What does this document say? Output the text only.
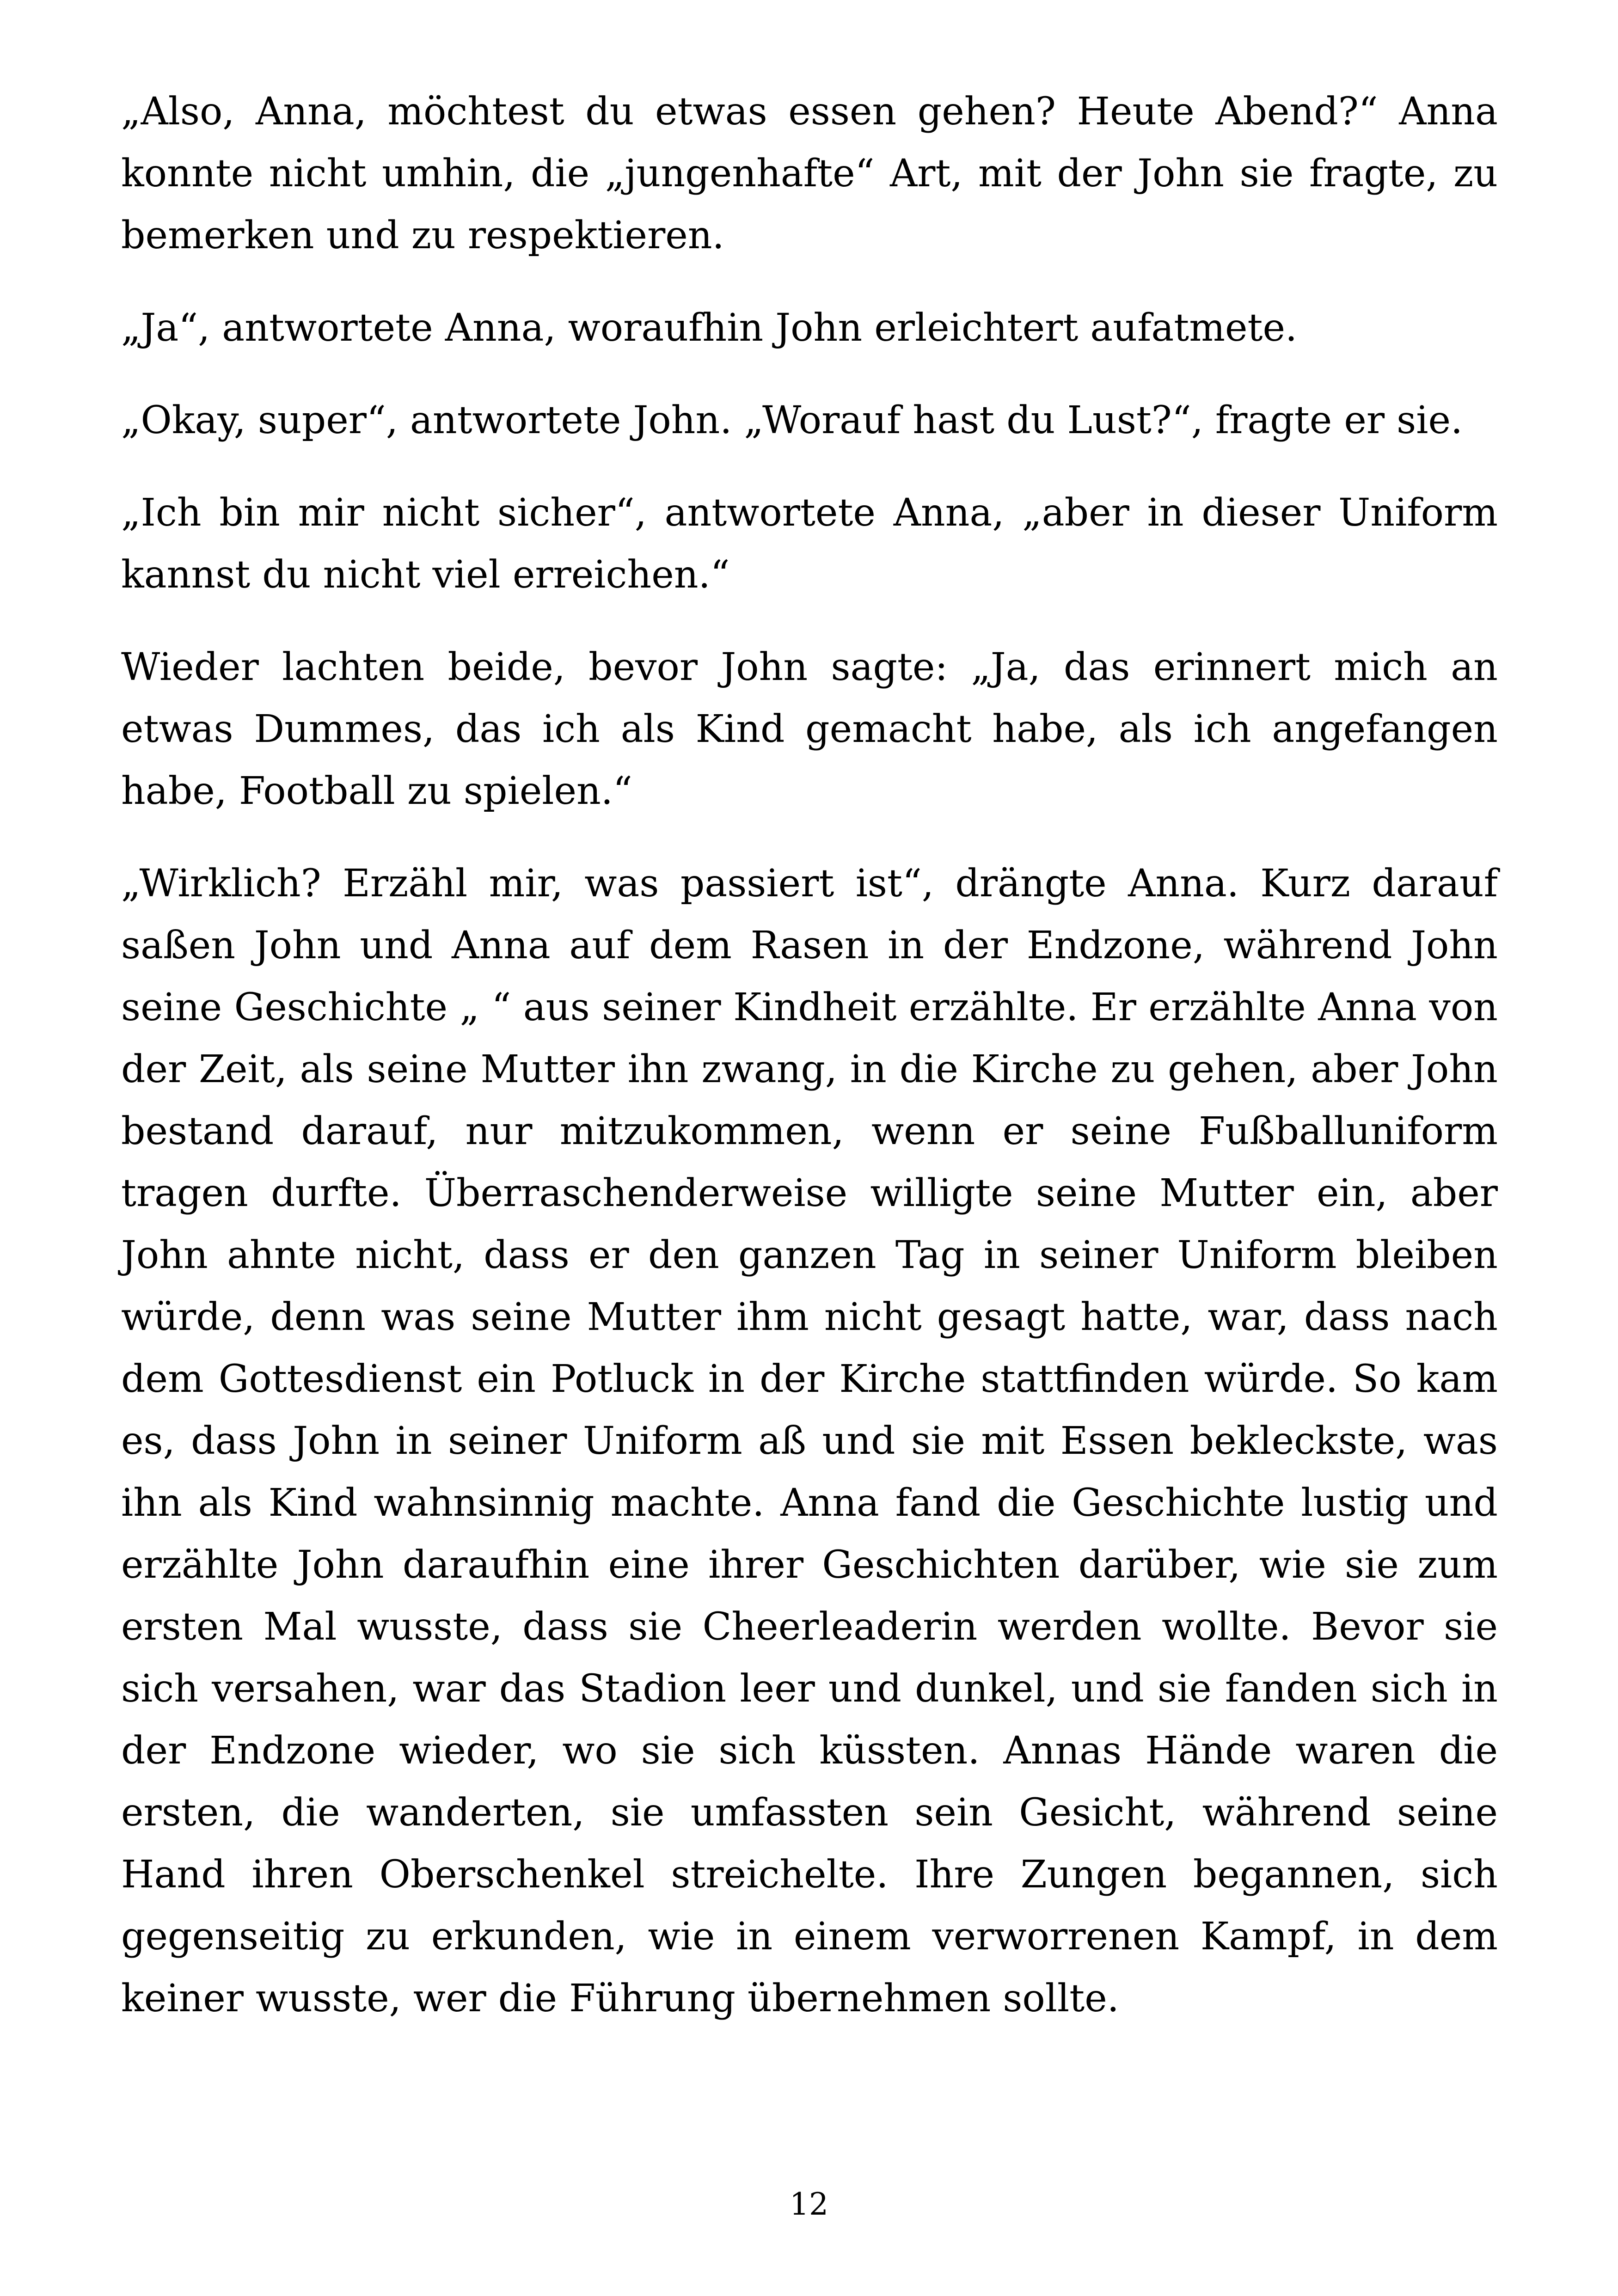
„Also, Anna, möchtest du etwas essen gehen? Heute Abend?“ Anna konnte nicht umhin, die „jungenhafte“ Art, mit der John sie fragte, zu bemerken und zu respektieren.

„Ja“, antwortete Anna, woraufhin John erleichtert aufatmete.

„Okay, super“, antwortete John. „Worauf hast du Lust?“, fragte er sie.

„Ich bin mir nicht sicher“, antwortete Anna, „aber in dieser Uniform kannst du nicht viel erreichen.“

Wieder lachten beide, bevor John sagte: „Ja, das erinnert mich an etwas Dummes, das ich als Kind gemacht habe, als ich angefangen habe, Football zu spielen.“

„Wirklich? Erzähl mir, was passiert ist“, drängte Anna. Kurz darauf saßen John und Anna auf dem Rasen in der Endzone, während John seine Geschichte „ “ aus seiner Kindheit erzählte. Er erzählte Anna von der Zeit, als seine Mutter ihn zwang, in die Kirche zu gehen, aber John bestand darauf, nur mitzukommen, wenn er seine Fußballuniform tragen durfte. Überraschenderweise willigte seine Mutter ein, aber John ahnte nicht, dass er den ganzen Tag in seiner Uniform bleiben würde, denn was seine Mutter ihm nicht gesagt hatte, war, dass nach dem Gottesdienst ein Potluck in der Kirche stattfinden würde. So kam es, dass John in seiner Uniform aß und sie mit Essen bekleckste, was ihn als Kind wahnsinnig machte. Anna fand die Geschichte lustig und erzählte John daraufhin eine ihrer Geschichten darüber, wie sie zum ersten Mal wusste, dass sie Cheerleaderin werden wollte. Bevor sie sich versahen, war das Stadion leer und dunkel, und sie fanden sich in der Endzone wieder, wo sie sich küssten. Annas Hände waren die ersten, die wanderten, sie umfassten sein Gesicht, während seine Hand ihren Oberschenkel streichelte. Ihre Zungen begannen, sich gegenseitig zu erkunden, wie in einem verworrenen Kampf, in dem keiner wusste, wer die Führung übernehmen sollte.

12
